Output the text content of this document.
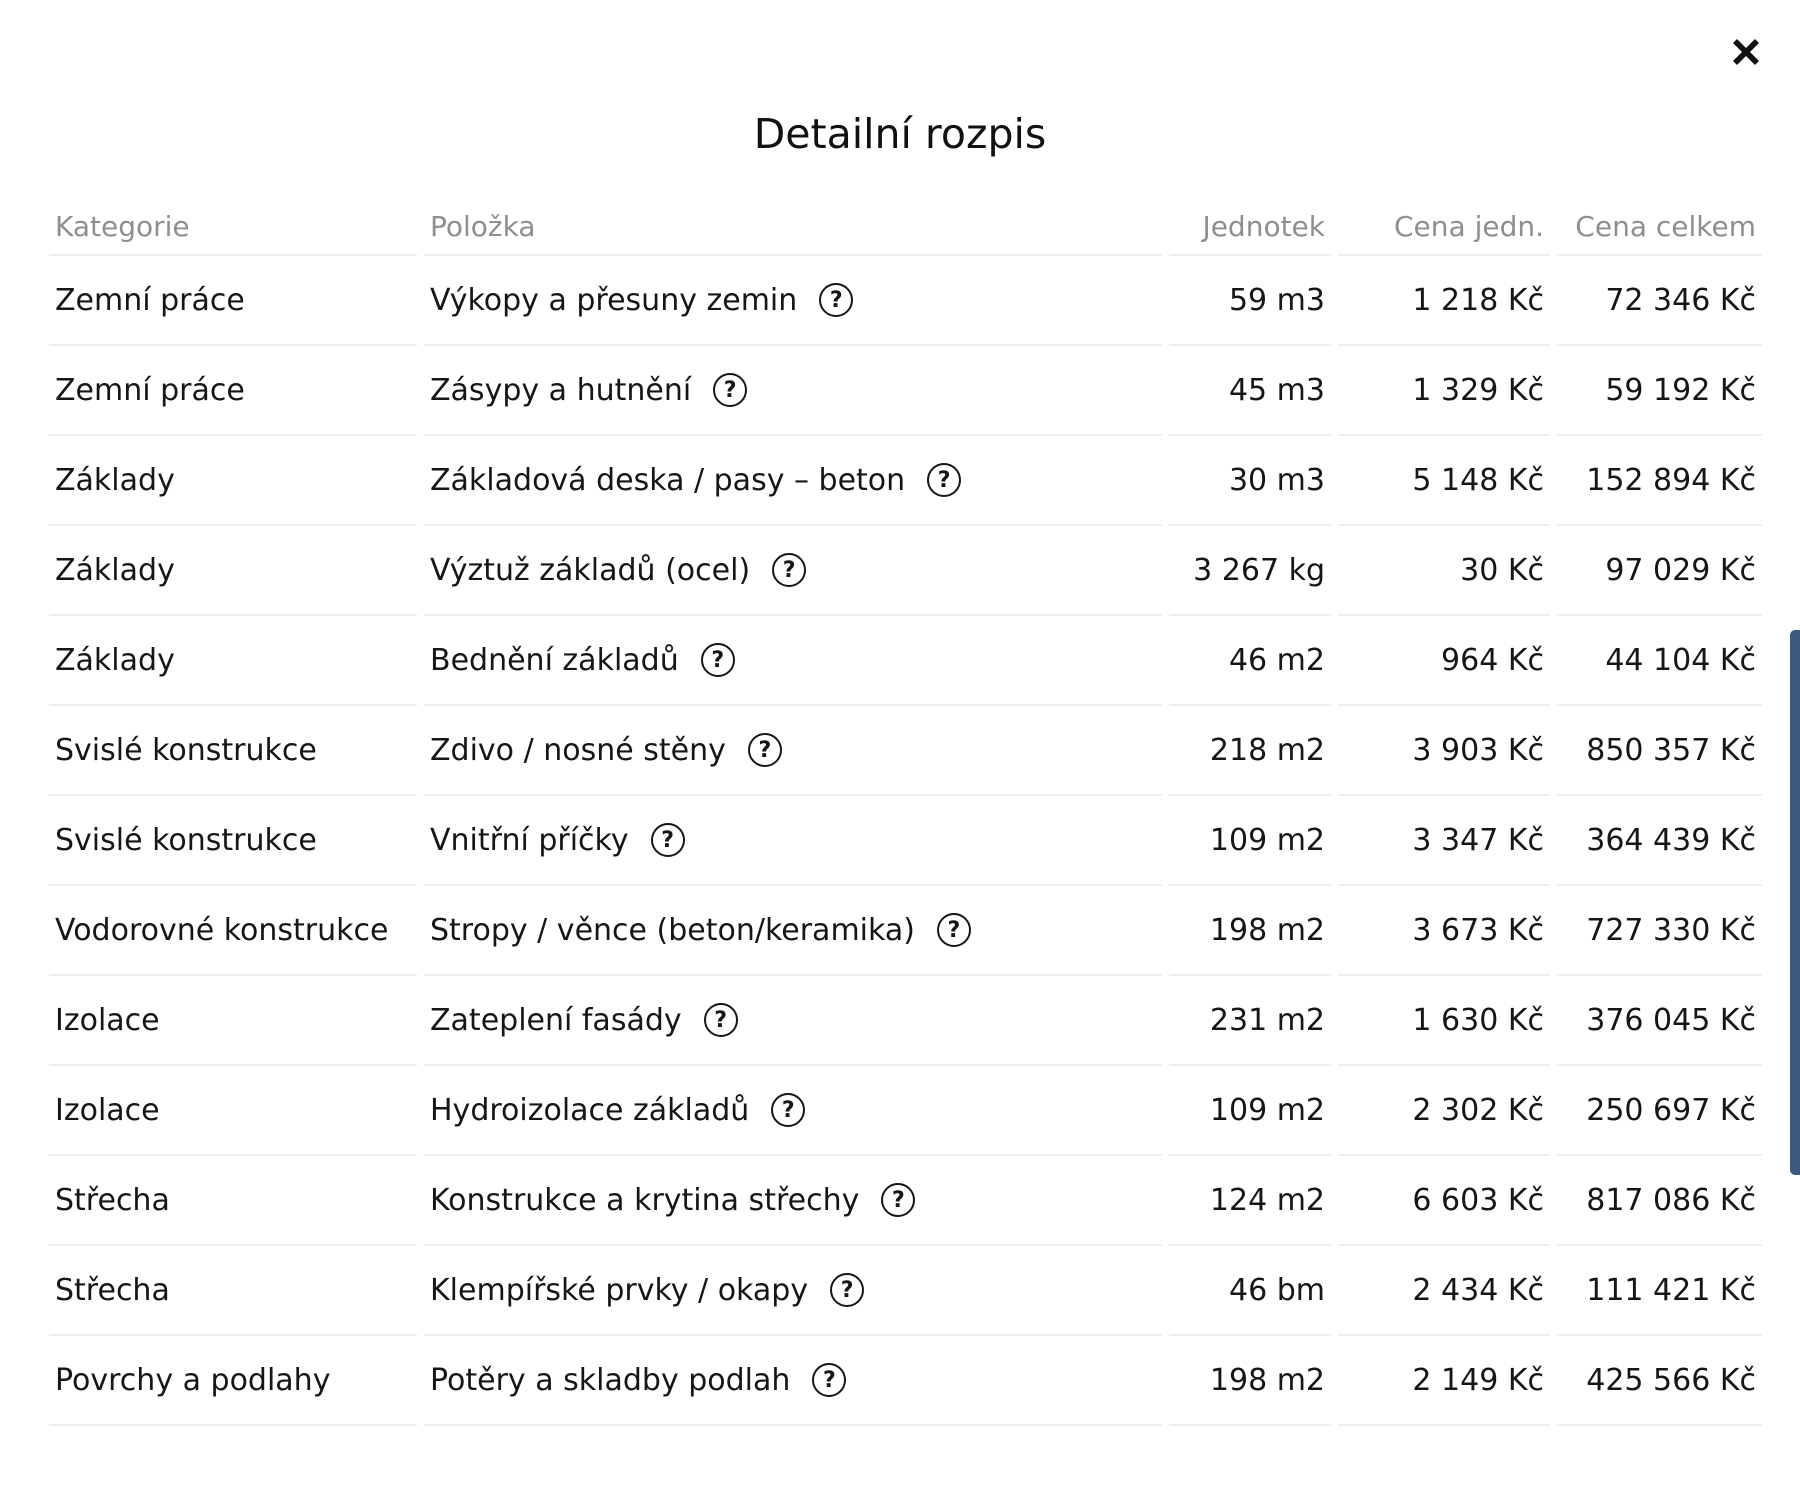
Detailní rozpis
Kategorie	Položka	Jednotek	Cena jedn.	Cena celkem
Zemní práce	Výkopy a přesuny zemin ?	59 m3	1 218 Kč	72 346 Kč
Zemní práce	Zásypy a hutnění ?	45 m3	1 329 Kč	59 192 Kč
Základy	Základová deska / pasy – beton ?	30 m3	5 148 Kč	152 894 Kč
Základy	Výztuž základů (ocel) ?	3 267 kg	30 Kč	97 029 Kč
Základy	Bednění základů ?	46 m2	964 Kč	44 104 Kč
Svislé konstrukce	Zdivo / nosné stěny ?	218 m2	3 903 Kč	850 357 Kč
Svislé konstrukce	Vnitřní příčky ?	109 m2	3 347 Kč	364 439 Kč
Vodorovné konstrukce	Stropy / věnce (beton/keramika) ?	198 m2	3 673 Kč	727 330 Kč
Izolace	Zateplení fasády ?	231 m2	1 630 Kč	376 045 Kč
Izolace	Hydroizolace základů ?	109 m2	2 302 Kč	250 697 Kč
Střecha	Konstrukce a krytina střechy ?	124 m2	6 603 Kč	817 086 Kč
Střecha	Klempířské prvky / okapy ?	46 bm	2 434 Kč	111 421 Kč
Povrchy a podlahy	Potěry a skladby podlah ?	198 m2	2 149 Kč	425 566 Kč
